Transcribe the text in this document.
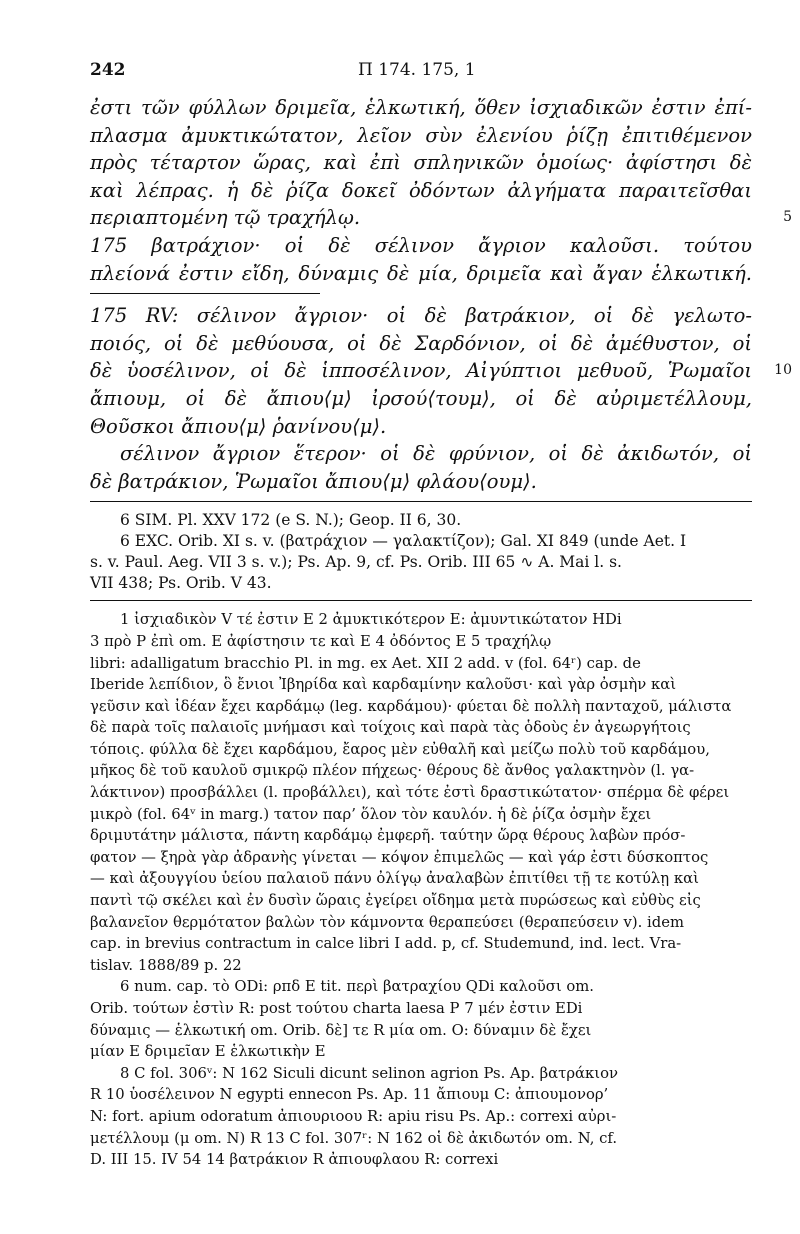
242	Π 174. 175, 1
ἐστι τῶν φύλλων δριμεῖα, ἑλκωτική, ὅθεν ἰσχιαδικῶν ἐστιν ἐπί-
πλασμα ἀμυκτικώτατον, λεῖον σὺν ἐλενίου ῥίζῃ ἐπιτιθέμενον
πρὸς τέταρτον ὥρας, καὶ ἐπὶ σπληνικῶν ὁμοίως· ἀφίστησι δὲ
καὶ λέπρας. ἡ δὲ ῥίζα δοκεῖ ὀδόντων ἀλγήματα παραιτεῖσθαι
περιαπτομένη τῷ τραχήλῳ.	5
175 βατράχιον· οἱ δὲ σέλινον ἄγριον καλοῦσι. τούτου
πλείονά ἐστιν εἴδη, δύναμις δὲ μία, δριμεῖα καὶ ἄγαν ἑλκωτική.
175 RV: σέλινον ἄγριον· οἱ δὲ βατράκιον, οἱ δὲ γελωτο-
ποιός, οἱ δὲ μεθύουσα, οἱ δὲ Σαρδόνιον, οἱ δὲ ἀμέθυστον, οἱ
δὲ ὑοσέλινον, οἱ δὲ ἱπποσέλινον, Αἰγύπτιοι μεθυοῦ, Ῥωμαῖοι 10
ἄπιουμ, οἱ δὲ ἄπιου⟨μ⟩ ἰρσού⟨τουμ⟩, οἱ δὲ αὐριμετέλλουμ,
Θοῦσκοι ἄπιου⟨μ⟩ ῥανίνου⟨μ⟩.
σέλινον ἄγριον ἕτερον· οἱ δὲ φρύνιον, οἱ δὲ ἀκιδωτόν, οἱ
δὲ βατράκιον, Ῥωμαῖοι ἄπιου⟨μ⟩ φλάου⟨ουμ⟩.
6 SIM. Pl. XXV 172 (e S. N.); Geop. II 6, 30.
6 EXC. Orib. XI s. v. (βατράχιον — γαλακτίζον); Gal. XI 849 (unde Aet. I
s. v. Paul. Aeg. VII 3 s. v.); Ps. Ap. 9, cf. Ps. Orib. III 65 ∿ A. Mai l. s.
VII 438; Ps. Orib. V 43.
1 ἰσχιαδικὸν V τέ ἐστιν E 2 ἀμυκτικότερον E: ἀμυντικώτατον HDi
3 πρὸ P ἐπὶ om. E ἀφίστησιν τε καὶ E 4 ὀδόντος E 5 τραχήλῳ
libri: adalligatum bracchio Pl. in mg. ex Aet. XII 2 add. v (fol. 64ʳ) cap. de
Iberide λεπίδιον, ὃ ἔνιοι Ἰβηρίδα καὶ καρδαμίνην καλοῦσι· καὶ γὰρ ὀσμὴν καὶ
γεῦσιν καὶ ἰδέαν ἔχει καρδάμῳ (leg. καρδάμου)· φύεται δὲ πολλὴ πανταχοῦ, μάλιστα
δὲ παρὰ τοῖς παλαιοῖς μνήμασι καὶ τοίχοις καὶ παρὰ τὰς ὁδοὺς ἐν ἀγεωργήτοις
τόποις. φύλλα δὲ ἔχει καρδάμου, ἔαρος μὲν εὐθαλῆ καὶ μείζω πολὺ τοῦ καρδάμου,
μῆκος δὲ τοῦ καυλοῦ σμικρῷ πλέον πήχεως· θέρους δὲ ἄνθος γαλακτηνὸν (l. γα-
λάκτινον) προσβάλλει (l. προβάλλει), καὶ τότε ἐστὶ δραστικώτατον· σπέρμα δὲ φέρει
μικρὸ (fol. 64ᵛ in marg.) τατον παρ’ ὅλον τὸν καυλόν. ἡ δὲ ῥίζα ὀσμὴν ἔχει
δριμυτάτην μάλιστα, πάντη καρδάμῳ ἐμφερῆ. ταύτην ὥρᾳ θέρους λαβὼν πρόσ-
φατον — ξηρὰ γὰρ ἀδρανὴς γίνεται — κόψον ἐπιμελῶς — καὶ γάρ ἐστι δύσκοπτος
— καὶ ἀξουγγίου ὑείου παλαιοῦ πάνυ ὀλίγῳ ἀναλαβὼν ἐπιτίθει τῇ τε κοτύλῃ καὶ
παντὶ τῷ σκέλει καὶ ἐν δυσὶν ὥραις ἐγείρει οἴδημα μετὰ πυρώσεως καὶ εὐθὺς εἰς
βαλανεῖον θερμότατον βαλὼν τὸν κάμνοντα θεραπεύσει (θεραπεύσειν v). idem
cap. in brevius contractum in calce libri I add. p, cf. Studemund, ind. lect. Vra-
tislav. 1888/89 p. 22
6 num. cap. τὸ ODi: ρπδ E tit. περὶ βατραχίου QDi καλοῦσι om.
Orib. τούτων ἐστὶν R: post τούτου charta laesa P 7 μέν ἐστιν EDi
δύναμις — ἑλκωτική om. Orib. δὲ] τε R μία om. O: δύναμιν δὲ ἔχει
μίαν E δριμεῖαν E ἑλκωτικὴν E
8 C fol. 306ᵛ: N 162 Siculi dicunt selinon agrion Ps. Ap. βατράκιον
R 10 ὑοσέλεινον N egypti ennecon Ps. Ap. 11 ἄπιουμ C: ἀπιουμονορ’
N: fort. apium odoratum ἀπιουριοου R: apiu risu Ps. Ap.: correxi αὐρι-
μετέλλουμ (μ om. N) R 13 C fol. 307ʳ: N 162 οἱ δὲ ἀκιδωτόν om. N, cf.
D. III 15. IV 54 14 βατράκιον R ἀπιουφλαου R: correxi
